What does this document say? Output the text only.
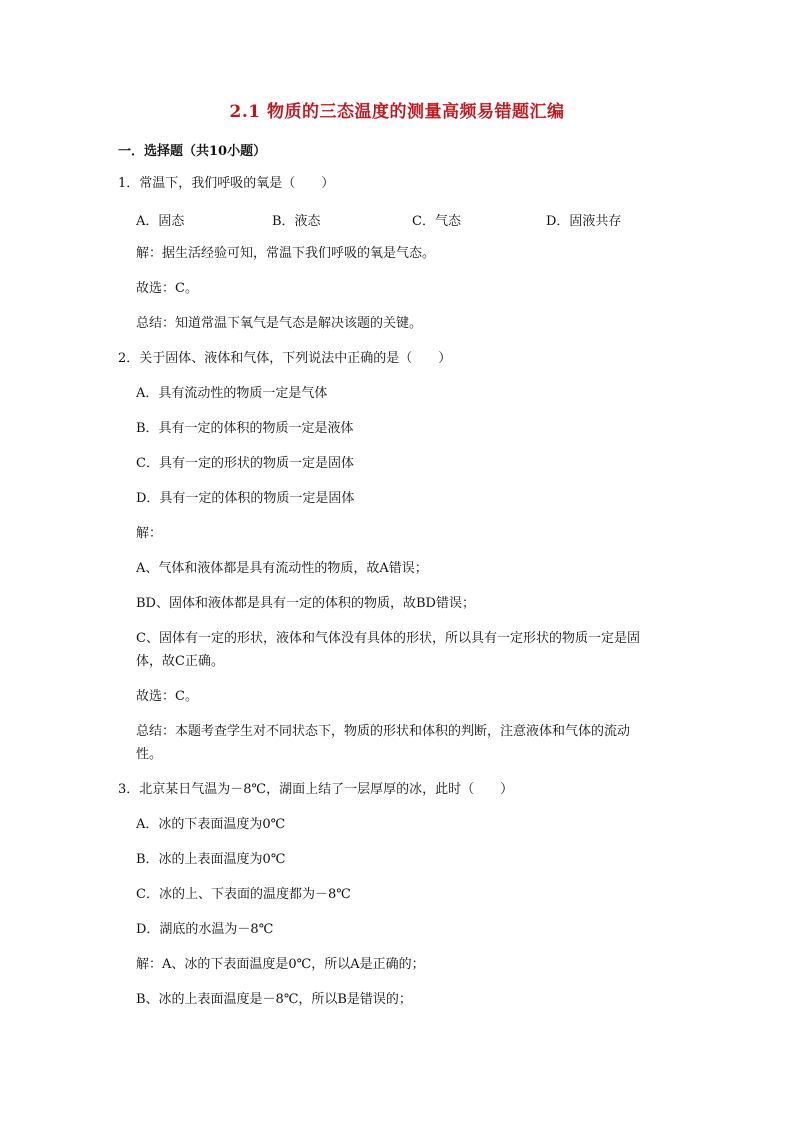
2.1 物质的三态温度的测量高频易错题汇编
一．选择题（共10小题）
1．常温下，我们呼吸的氧是（　　）
A．固态	B．液态	C．气态	D．固液共存
解：据生活经验可知，常温下我们呼吸的氧是气态。
故选：C。
总结：知道常温下氧气是气态是解决该题的关键。
2．关于固体、液体和气体，下列说法中正确的是（　　）
A．具有流动性的物质一定是气体
B．具有一定的体积的物质一定是液体
C．具有一定的形状的物质一定是固体
D．具有一定的体积的物质一定是固体
解：
A、气体和液体都是具有流动性的物质，故A错误；
BD、固体和液体都是具有一定的体积的物质，故BD错误；
C、固体有一定的形状，液体和气体没有具体的形状，所以具有一定形状的物质一定是固
体，故C正确。
故选：C。
总结：本题考查学生对不同状态下，物质的形状和体积的判断，注意液体和气体的流动
性。
3．北京某日气温为－8℃，湖面上结了一层厚厚的冰，此时（　　）
A．冰的下表面温度为0℃
B．冰的上表面温度为0℃
C．冰的上、下表面的温度都为－8℃
D．湖底的水温为－8℃
解：A、冰的下表面温度是0℃，所以A是正确的；
B、冰的上表面温度是－8℃，所以B是错误的；
